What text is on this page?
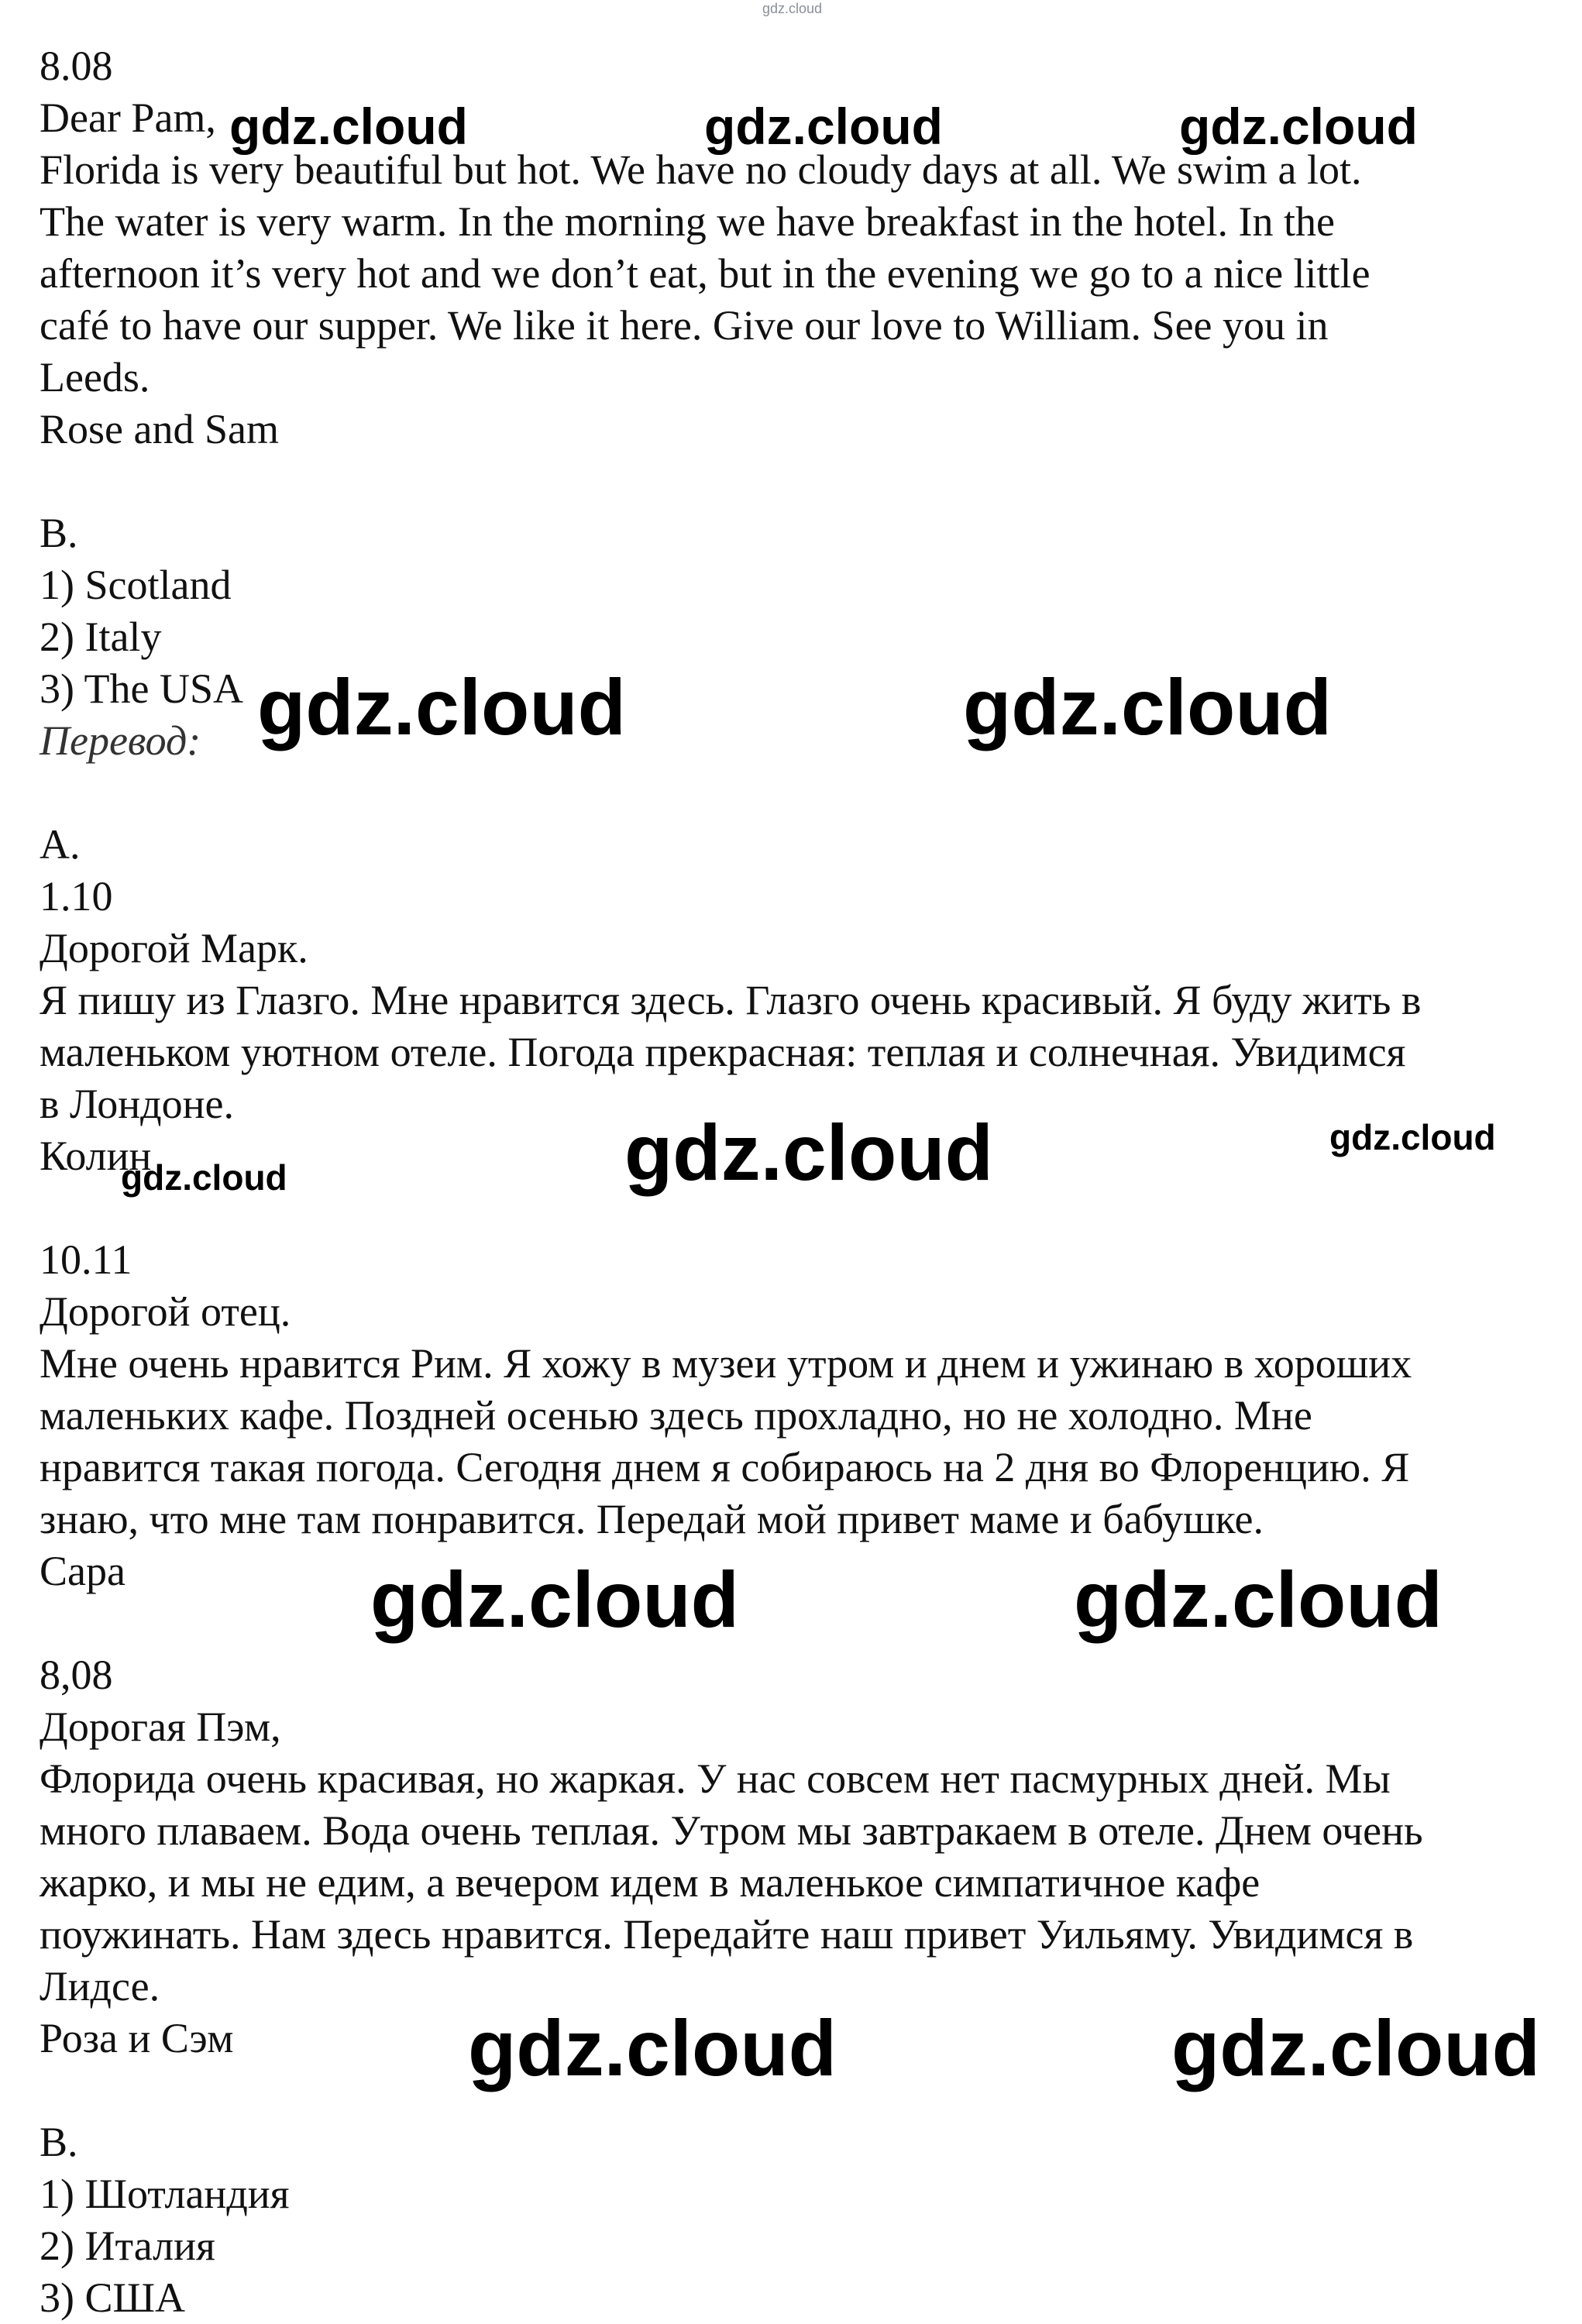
gdz.cloud
8.08
Dear Pam,
Florida is very beautiful but hot. We have no cloudy days at all. We swim a lot.
The water is very warm. In the morning we have breakfast in the hotel. In the
afternoon it’s very hot and we don’t eat, but in the evening we go to a nice little
café to have our supper. We like it here. Give our love to William. See you in
Leeds.
Rose and Sam
B.
1) Scotland
2) Italy
3) The USA
Перевод:
A.
1.10
Дорогой Марк.
Я пишу из Глазго. Мне нравится здесь. Глазго очень красивый. Я буду жить в
маленьком уютном отеле. Погода прекрасная: теплая и солнечная. Увидимся
в Лондоне.
Колин
10.11
Дорогой отец.
Мне очень нравится Рим. Я хожу в музеи утром и днем и ужинаю в хороших
маленьких кафе. Поздней осенью здесь прохладно, но не холодно. Мне
нравится такая погода. Сегодня днем я собираюсь на 2 дня во Флоренцию. Я
знаю, что мне там понравится. Передай мой привет маме и бабушке.
Сара
8,08
Дорогая Пэм,
Флорида очень красивая, но жаркая. У нас совсем нет пасмурных дней. Мы
много плаваем. Вода очень теплая. Утром мы завтракаем в отеле. Днем очень
жарко, и мы не едим, а вечером идем в маленькое симпатичное кафе
поужинать. Нам здесь нравится. Передайте наш привет Уильяму. Увидимся в
Лидсе.
Роза и Сэм
B.
1) Шотландия
2) Италия
3) США
gdz.cloud	gdz.cloud	gdz.cloud
gdz.cloud	gdz.cloud
gdz.cloud	gdz.cloud
gdz.cloud
gdz.cloud	gdz.cloud
gdz.cloud	gdz.cloud
